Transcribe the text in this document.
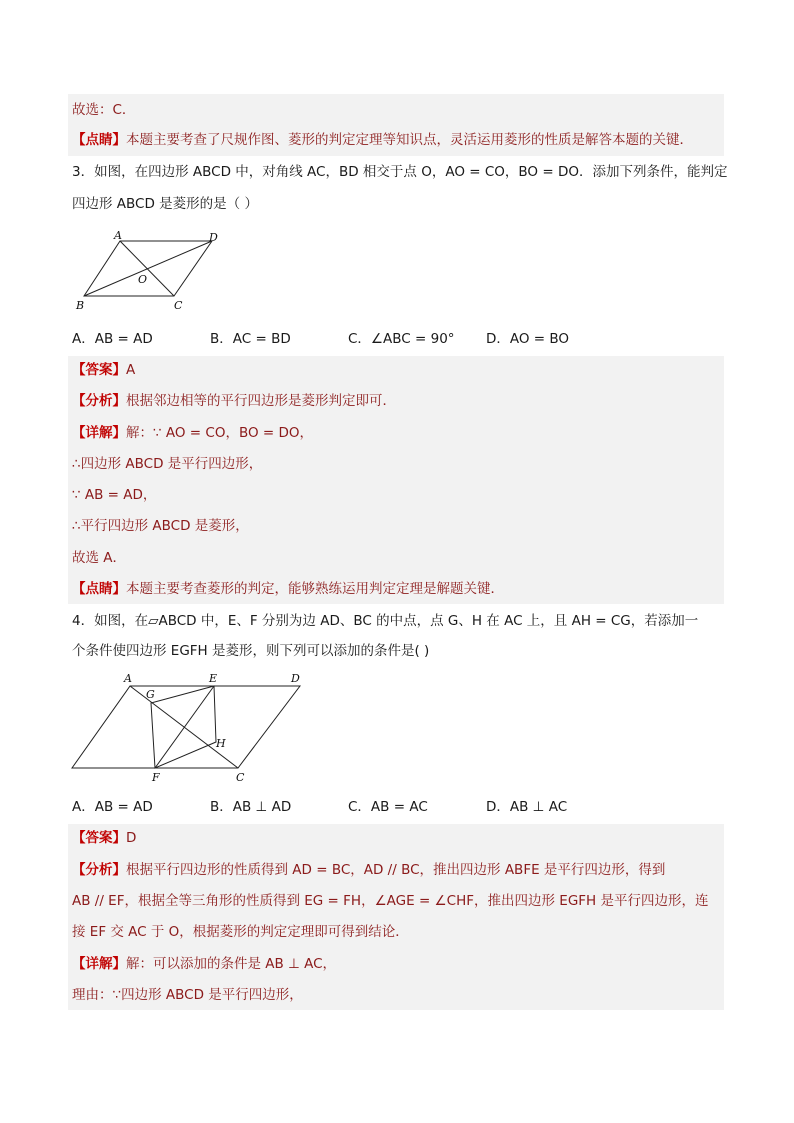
故选：C．
【点睛】本题主要考查了尺规作图、菱形的判定定理等知识点，灵活运用菱形的性质是解答本题的关键．
3．如图，在四边形 ABCD 中，对角线 AC，BD 相交于点 O，AO = CO，BO = DO．添加下列条件，能判定
四边形 ABCD 是菱形的是（ ）
A	D
O
B	C
A．AB = AD	B．AC = BD	C．∠ABC = 90° D．AO = BO
【答案】A
【分析】根据邻边相等的平行四边形是菱形判定即可．
【详解】解：∵ AO = CO，BO = DO，
∴四边形 ABCD 是平行四边形，
∵ AB = AD，
∴平行四边形 ABCD 是菱形，
故选 A．
【点睛】本题主要考查菱形的判定，能够熟练运用判定定理是解题关键．
4．如图，在▱ABCD 中，E、F 分别为边 AD、BC 的中点，点 G、H 在 AC 上，且 AH = CG，若添加一
个条件使四边形 EGFH 是菱形，则下列可以添加的条件是( )
A
G
E	D
H
F	C
A．AB = AD	B．AB ⊥ AD	C．AB = AC	D．AB ⊥ AC
【答案】D
【分析】根据平行四边形的性质得到 AD = BC，AD // BC，推出四边形 ABFE 是平行四边形，得到
AB // EF，根据全等三角形的性质得到 EG = FH，∠AGE = ∠CHF，推出四边形 EGFH 是平行四边形，连
接 EF 交 AC 于 O，根据菱形的判定定理即可得到结论．
【详解】解：可以添加的条件是 AB ⊥ AC，
理由：∵四边形 ABCD 是平行四边形，
